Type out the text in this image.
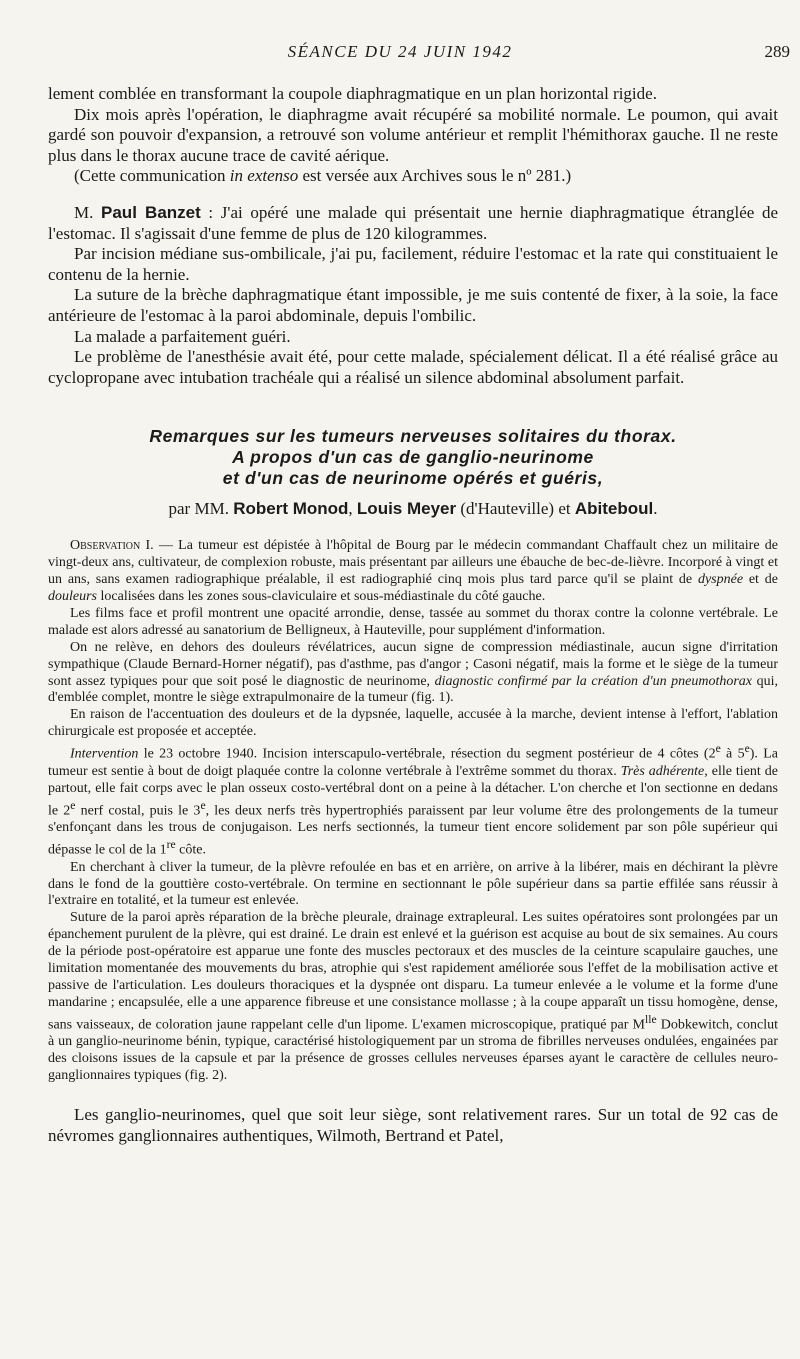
SÉANCE DU 24 JUIN 1942	289

lement comblée en transformant la coupole diaphragmatique en un plan horizontal rigide.

Dix mois après l'opération, le diaphragme avait récupéré sa mobilité normale. Le poumon, qui avait gardé son pouvoir d'expansion, a retrouvé son volume antérieur et remplit l'hémithorax gauche. Il ne reste plus dans le thorax aucune trace de cavité aérique.

(Cette communication in extenso est versée aux Archives sous le nº 281.)

M. Paul Banzet : J'ai opéré une malade qui présentait une hernie diaphragmatique étranglée de l'estomac. Il s'agissait d'une femme de plus de 120 kilogrammes.

Par incision médiane sus-ombilicale, j'ai pu, facilement, réduire l'estomac et la rate qui constituaient le contenu de la hernie.

La suture de la brèche daphragmatique étant impossible, je me suis contenté de fixer, à la soie, la face antérieure de l'estomac à la paroi abdominale, depuis l'ombilic.

La malade a parfaitement guéri.

Le problème de l'anesthésie avait été, pour cette malade, spécialement délicat. Il a été réalisé grâce au cyclopropane avec intubation trachéale qui a réalisé un silence abdominal absolument parfait.

Remarques sur les tumeurs nerveuses solitaires du thorax.
A propos d'un cas de ganglio-neurinome
et d'un cas de neurinome opérés et guéris,
par MM. Robert Monod, Louis Meyer (d'Hauteville) et Abiteboul.

Observation I. — La tumeur est dépistée à l'hôpital de Bourg par le médecin commandant Chaffault chez un militaire de vingt-deux ans, cultivateur, de complexion robuste, mais présentant par ailleurs une ébauche de bec-de-lièvre. Incorporé à vingt et un ans, sans examen radiographique préalable, il est radiographié cinq mois plus tard parce qu'il se plaint de dyspnée et de douleurs localisées dans les zones sous-claviculaire et sous-médiastinale du côté gauche.

Les films face et profil montrent une opacité arrondie, dense, tassée au sommet du thorax contre la colonne vertébrale. Le malade est alors adressé au sanatorium de Belligneux, à Hauteville, pour supplément d'information.

On ne relève, en dehors des douleurs révélatrices, aucun signe de compression médiastinale, aucun signe d'irritation sympathique (Claude Bernard-Horner négatif), pas d'asthme, pas d'angor ; Casoni négatif, mais la forme et le siège de la tumeur sont assez typiques pour que soit posé le diagnostic de neurinome, diagnostic confirmé par la création d'un pneumothorax qui, d'emblée complet, montre le siège extrapulmonaire de la tumeur (fig. 1).

En raison de l'accentuation des douleurs et de la dypsnée, laquelle, accusée à la marche, devient intense à l'effort, l'ablation chirurgicale est proposée et acceptée.

Intervention le 23 octobre 1940. Incision interscapulo-vertébrale, résection du segment postérieur de 4 côtes (2e à 5e). La tumeur est sentie à bout de doigt plaquée contre la colonne vertébrale à l'extrême sommet du thorax. Très adhérente, elle tient de partout, elle fait corps avec le plan osseux costo-vertébral dont on a peine à la détacher. L'on cherche et l'on sectionne en dedans le 2e nerf costal, puis le 3e, les deux nerfs très hypertrophiés paraissent par leur volume être des prolongements de la tumeur s'enfonçant dans les trous de conjugaison. Les nerfs sectionnés, la tumeur tient encore solidement par son pôle supérieur qui dépasse le col de la 1re côte.

En cherchant à cliver la tumeur, de la plèvre refoulée en bas et en arrière, on arrive à la libérer, mais en déchirant la plèvre dans le fond de la gouttière costo-vertébrale. On termine en sectionnant le pôle supérieur dans sa partie effilée sans réussir à l'extraire en totalité, et la tumeur est enlevée.

Suture de la paroi après réparation de la brèche pleurale, drainage extrapleural. Les suites opératoires sont prolongées par un épanchement purulent de la plèvre, qui est drainé. Le drain est enlevé et la guérison est acquise au bout de six semaines. Au cours de la période post-opératoire est apparue une fonte des muscles pectoraux et des muscles de la ceinture scapulaire gauches, une limitation momentanée des mouvements du bras, atrophie qui s'est rapidement améliorée sous l'effet de la mobilisation active et passive de l'articulation. Les douleurs thoraciques et la dyspnée ont disparu. La tumeur enlevée a le volume et la forme d'une mandarine ; encapsulée, elle a une apparence fibreuse et une consistance mollasse ; à la coupe apparaît un tissu homogène, dense, sans vaisseaux, de coloration jaune rappelant celle d'un lipome. L'examen microscopique, pratiqué par $M^{lle}$ Dobkewitch, conclut à un ganglio-neurinome bénin, typique, caractérisé histologiquement par un stroma de fibrilles nerveuses ondulées, engainées par des cloisons issues de la capsule et par la présence de grosses cellules nerveuses éparses ayant le caractère de cellules neuro-ganglionnaires typiques (fig. 2).

Les ganglio-neurinomes, quel que soit leur siège, sont relativement rares. Sur un total de 92 cas de névromes ganglionnaires authentiques, Wilmoth, Bertrand et Patel,
